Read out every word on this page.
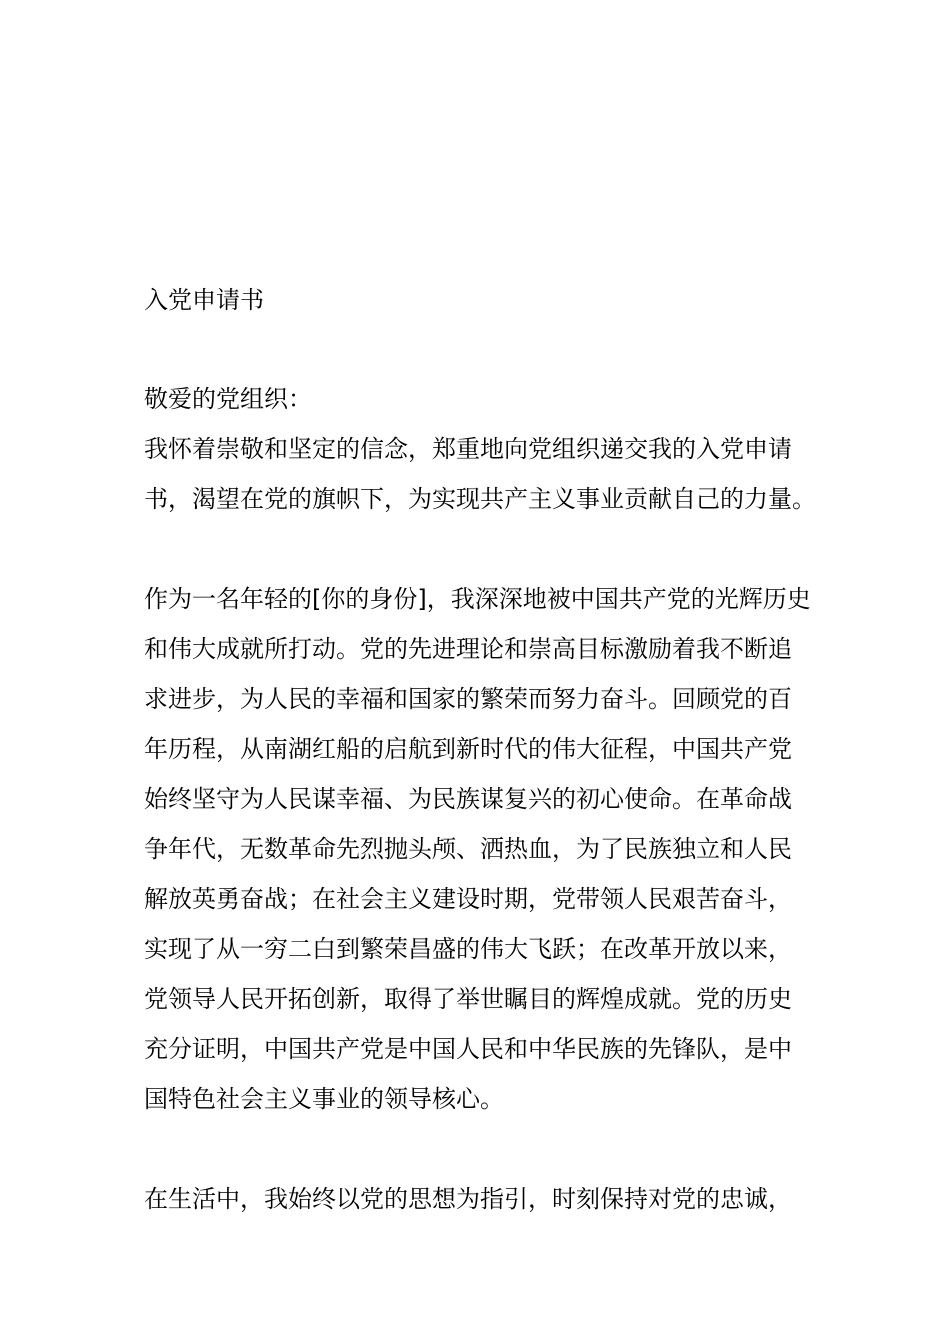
入党申请书
敬爱的党组织：
我怀着崇敬和坚定的信念，郑重地向党组织递交我的入党申请
书，渴望在党的旗帜下，为实现共产主义事业贡献自己的力量。
作为一名年轻的[你的身份]，我深深地被中国共产党的光辉历史
和伟大成就所打动。党的先进理论和崇高目标激励着我不断追
求进步，为人民的幸福和国家的繁荣而努力奋斗。回顾党的百
年历程，从南湖红船的启航到新时代的伟大征程，中国共产党
始终坚守为人民谋幸福、为民族谋复兴的初心使命。在革命战
争年代，无数革命先烈抛头颅、洒热血，为了民族独立和人民
解放英勇奋战；在社会主义建设时期，党带领人民艰苦奋斗，
实现了从一穷二白到繁荣昌盛的伟大飞跃；在改革开放以来，
党领导人民开拓创新，取得了举世瞩目的辉煌成就。党的历史
充分证明，中国共产党是中国人民和中华民族的先锋队，是中
国特色社会主义事业的领导核心。
在生活中，我始终以党的思想为指引，时刻保持对党的忠诚，
